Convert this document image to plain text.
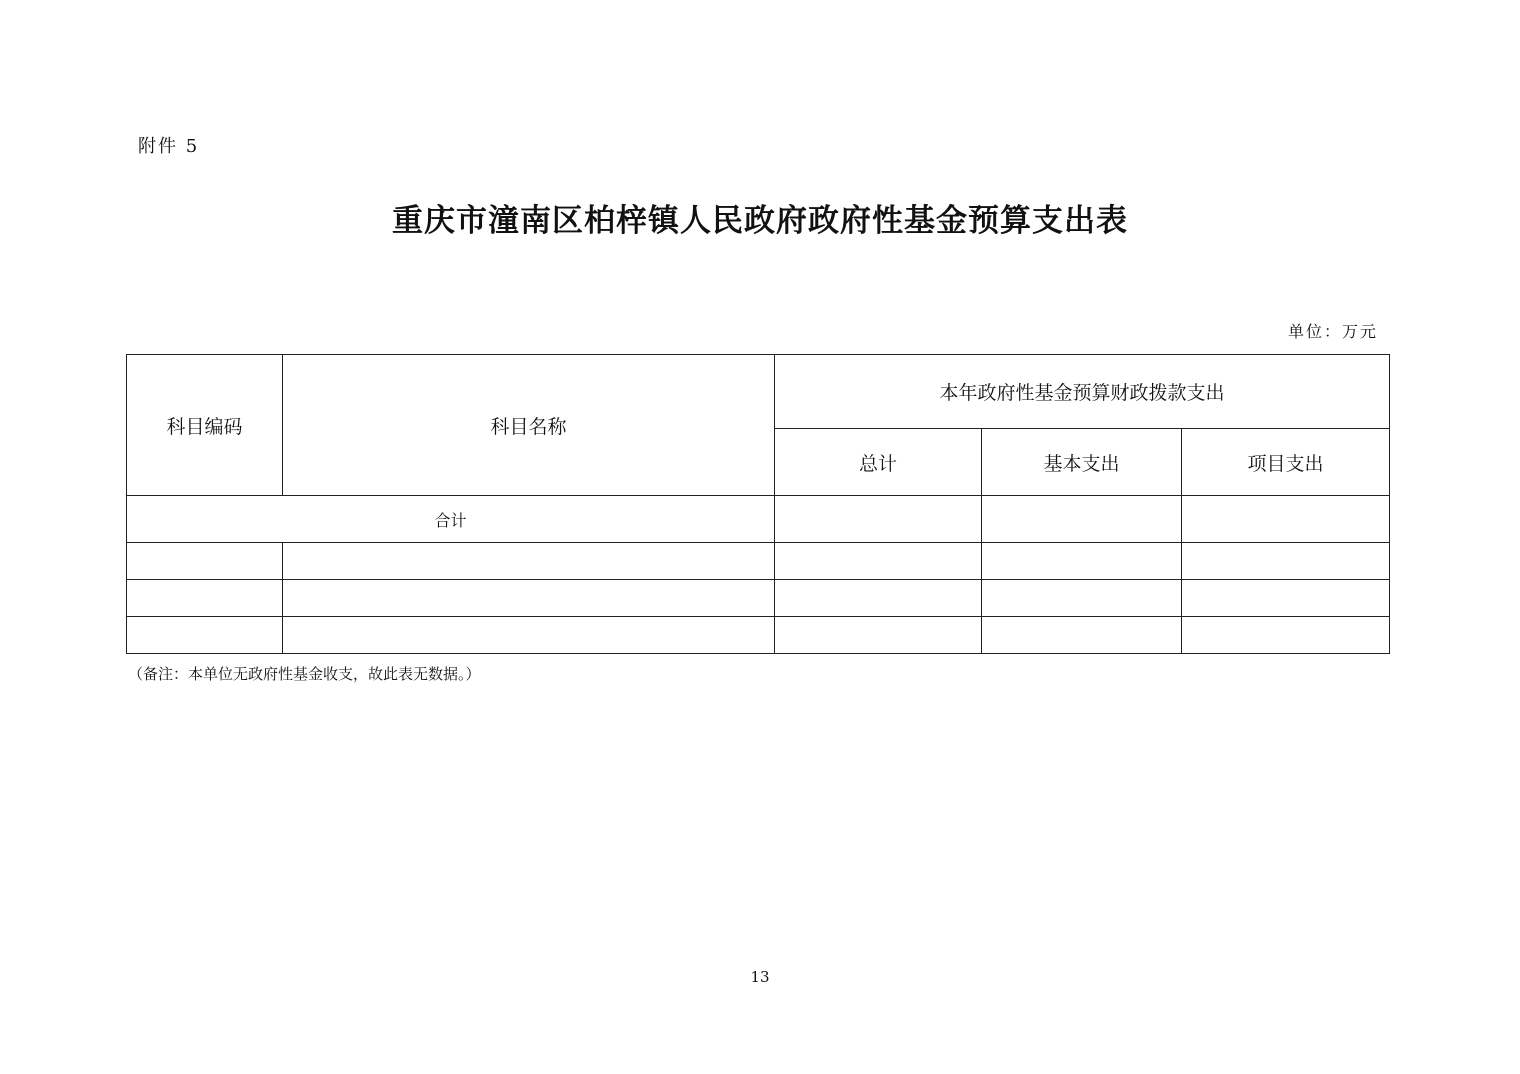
附件 5
重庆市潼南区柏梓镇人民政府政府性基金预算支出表
单位：万元
科目编码	科目名称	本年政府性基金预算财政拨款支出		
		总计	基本支出	项目支出
合计				

（备注：本单位无政府性基金收支，故此表无数据。）
13
